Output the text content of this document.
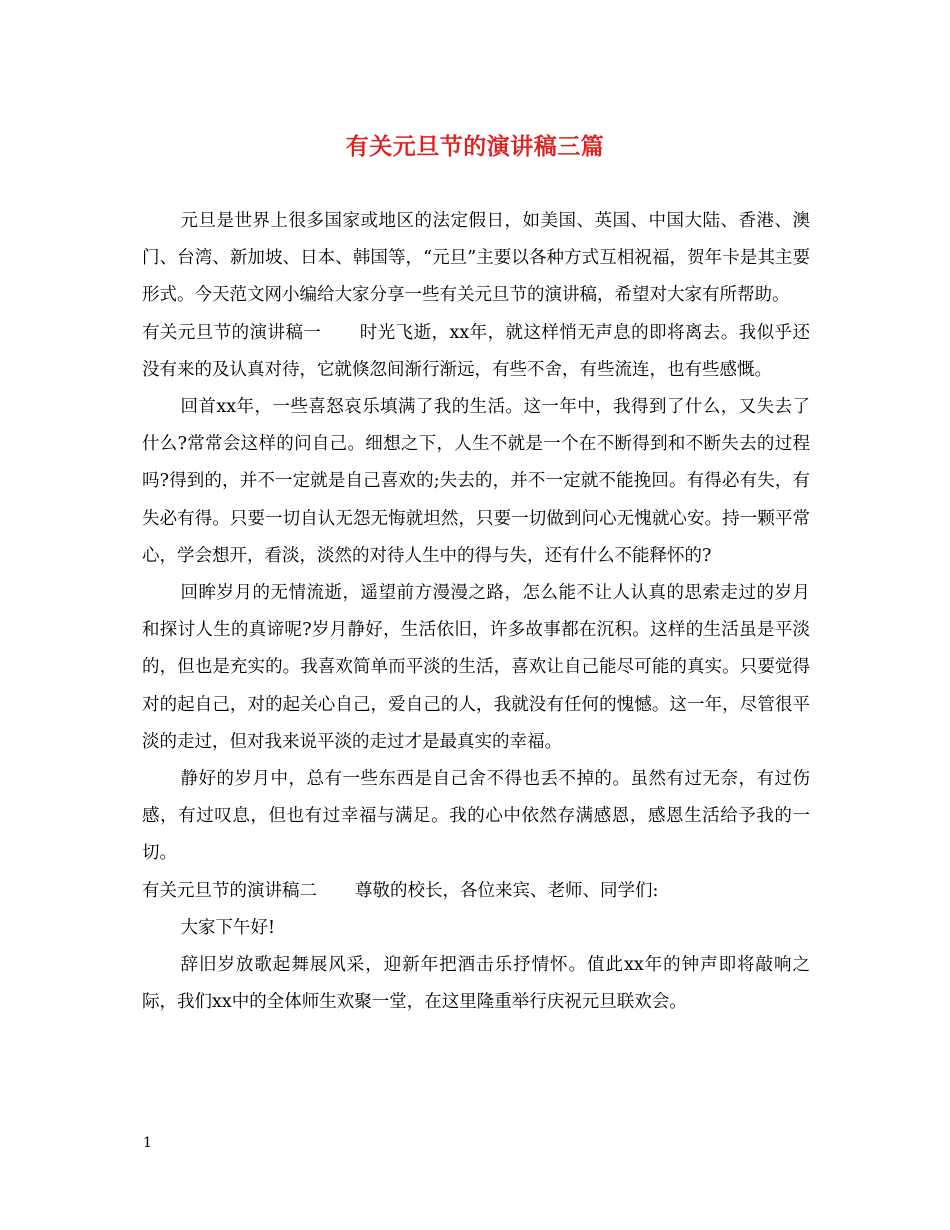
有关元旦节的演讲稿三篇

元旦是世界上很多国家或地区的法定假日，如美国、英国、中国大陆、香港、澳门、台湾、新加坡、日本、韩国等，“元旦”主要以各种方式互相祝福，贺年卡是其主要形式。今天范文网小编给大家分享一些有关元旦节的演讲稿，希望对大家有所帮助。

有关元旦节的演讲稿一 时光飞逝，xx年，就这样悄无声息的即将离去。我似乎还没有来的及认真对待，它就倏忽间渐行渐远，有些不舍，有些流连，也有些感慨。

回首xx年，一些喜怒哀乐填满了我的生活。这一年中，我得到了什么，又失去了什么?常常会这样的问自己。细想之下，人生不就是一个在不断得到和不断失去的过程吗?得到的，并不一定就是自己喜欢的;失去的，并不一定就不能挽回。有得必有失，有失必有得。只要一切自认无怨无悔就坦然，只要一切做到问心无愧就心安。持一颗平常心，学会想开，看淡，淡然的对待人生中的得与失，还有什么不能释怀的?

回眸岁月的无情流逝，遥望前方漫漫之路，怎么能不让人认真的思索走过的岁月和探讨人生的真谛呢?岁月静好，生活依旧，许多故事都在沉积。这样的生活虽是平淡的，但也是充实的。我喜欢简单而平淡的生活，喜欢让自己能尽可能的真实。只要觉得对的起自己，对的起关心自己，爱自己的人，我就没有任何的愧憾。这一年，尽管很平淡的走过，但对我来说平淡的走过才是最真实的幸福。

静好的岁月中，总有一些东西是自己舍不得也丢不掉的。虽然有过无奈，有过伤感，有过叹息，但也有过幸福与满足。我的心中依然存满感恩，感恩生活给予我的一切。

有关元旦节的演讲稿二 尊敬的校长，各位来宾、老师、同学们:

大家下午好!

辞旧岁放歌起舞展风采，迎新年把酒击乐抒情怀。值此xx年的钟声即将敲响之际，我们xx中的全体师生欢聚一堂，在这里隆重举行庆祝元旦联欢会。

1
